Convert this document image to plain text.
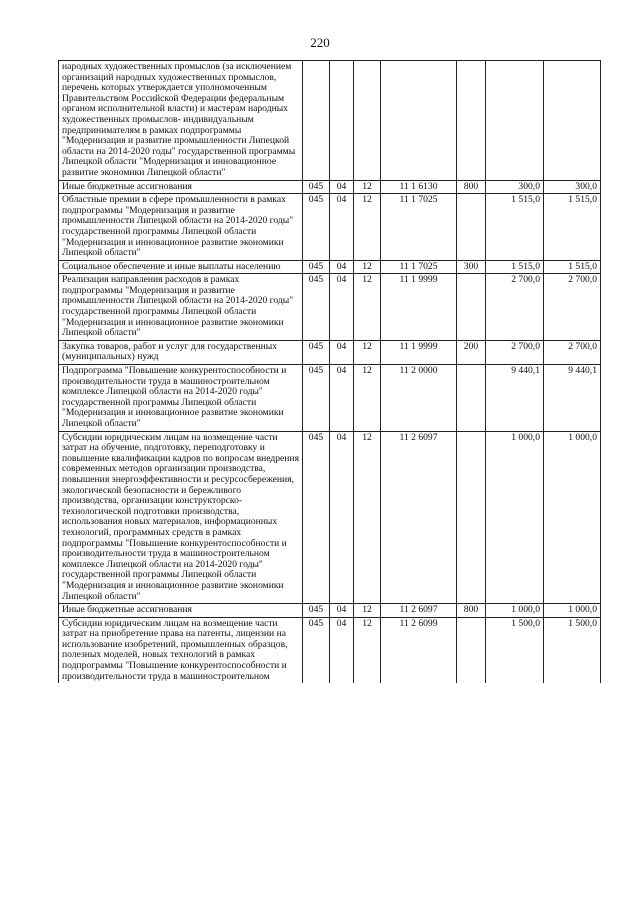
220
народных художественных промыслов (за исключением организаций народных художественных промыслов, перечень которых утверждается уполномоченным Правительством Российской Федерации федеральным органом исполнительной власти) и мастерам народных художественных промыслов- индивидуальным предпринимателям в рамках подпрограммы "Модернизация и развитие промышленности Липецкой области на 2014-2020 годы" государственной программы Липецкой области "Модернизация и инновационное развитие экономики Липецкой области"							
Иные бюджетные ассигнования	045	04	12	11 1 6130	800	300,0	300,0
Областные премии в сфере промышленности в рамках подпрограммы "Модернизация и развитие промышленности Липецкой области на 2014-2020 годы" государственной программы Липецкой области "Модернизация и инновационное развитие экономики Липецкой области"	045	04	12	11 1 7025		1 515,0	1 515,0
Социальное обеспечение и иные выплаты населению	045	04	12	11 1 7025	300	1 515,0	1 515,0
Реализация направления расходов в рамках подпрограммы "Модернизация и развитие промышленности Липецкой области на 2014-2020 годы" государственной программы Липецкой области "Модернизация и инновационное развитие экономики Липецкой области"	045	04	12	11 1 9999		2 700,0	2 700,0
Закупка товаров, работ и услуг для государственных (муниципальных) нужд	045	04	12	11 1 9999	200	2 700,0	2 700,0
Подпрограмма "Повышение конкурентоспособности и производительности труда в машиностроительном комплексе Липецкой области на 2014-2020 годы" государственной программы Липецкой области "Модернизация и инновационное развитие экономики Липецкой области"	045	04	12	11 2 0000		9 440,1	9 440,1
Субсидии юридическим лицам на возмещение части затрат на обучение, подготовку, переподготовку и повышение квалификации кадров по вопросам внедрения современных методов организации производства, повышения энергоэффективности и ресурсосбережения, экологической безопасности и бережливого производства, организации конструкторско-технологической подготовки производства, использования новых материалов, информационных технологий, программных средств в рамках подпрограммы "Повышение конкурентоспособности и производительности труда в машиностроительном комплексе Липецкой области на 2014-2020 годы" государственной программы Липецкой области "Модернизация и инновационное развитие экономики Липецкой области"	045	04	12	11 2 6097		1 000,0	1 000,0
Иные бюджетные ассигнования	045	04	12	11 2 6097	800	1 000,0	1 000,0
Субсидии юридическим лицам на возмещение части затрат на приобретение права на патенты, лицензии на использование изобретений, промышленных образцов, полезных моделей, новых технологий в рамках подпрограммы "Повышение конкурентоспособности и производительности труда в машиностроительном	045	04	12	11 2 6099		1 500,0	1 500,0
